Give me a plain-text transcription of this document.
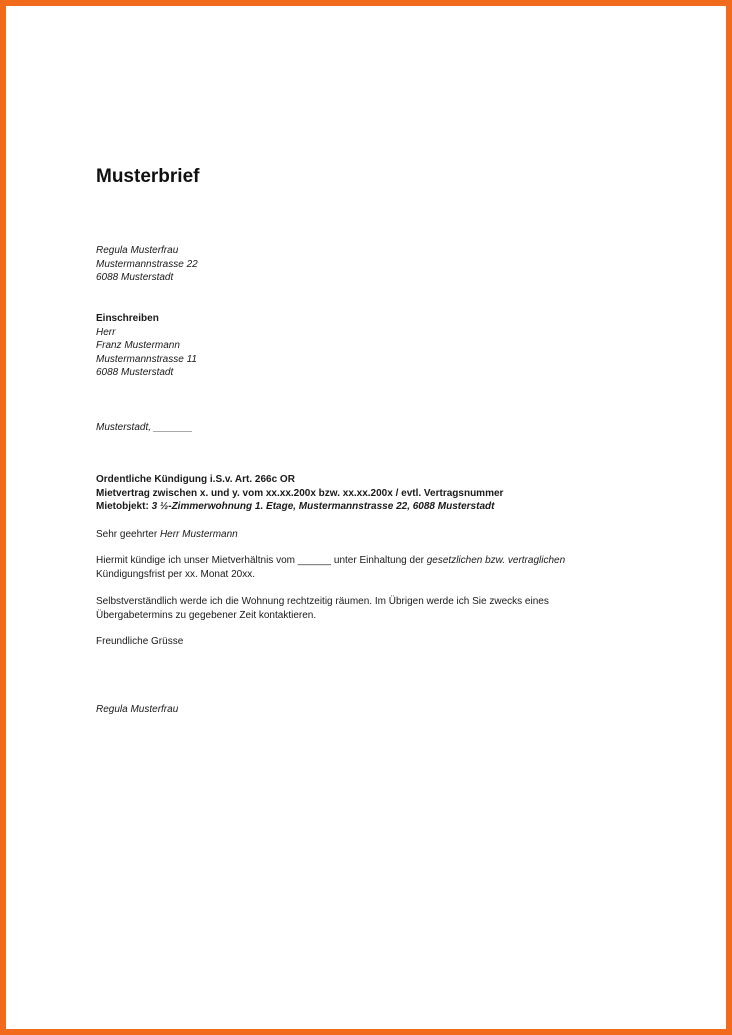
Musterbrief
Regula Musterfrau
Mustermannstrasse 22
6088 Musterstadt
Einschreiben
Herr
Franz Mustermann
Mustermannstrasse 11
6088 Musterstadt
Musterstadt, _______
Ordentliche Kündigung i.S.v. Art. 266c OR
Mietvertrag zwischen x. und y. vom xx.xx.200x bzw. xx.xx.200x / evtl. Vertragsnummer
Mietobjekt: 3 ½-Zimmerwohnung 1. Etage, Mustermannstrasse 22, 6088 Musterstadt
Sehr geehrter Herr Mustermann
Hiermit kündige ich unser Mietverhältnis vom ______ unter Einhaltung der gesetzlichen bzw. vertraglichen
Kündigungsfrist per xx. Monat 20xx.
Selbstverständlich werde ich die Wohnung rechtzeitig räumen. Im Übrigen werde ich Sie zwecks eines
Übergabetermins zu gegebener Zeit kontaktieren.
Freundliche Grüsse
Regula Musterfrau
